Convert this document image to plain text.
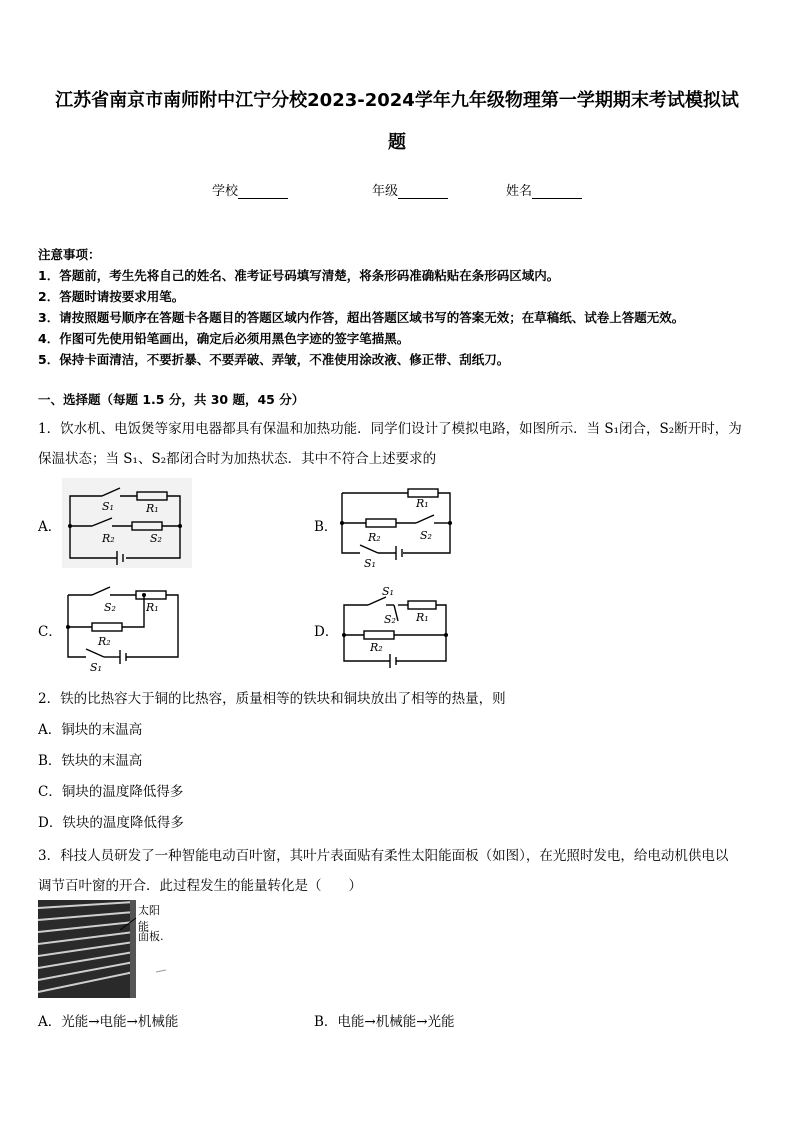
江苏省南京市南师附中江宁分校2023-2024学年九年级物理第一学期期末考试模拟试
题
学校	年级	姓名
注意事项：
1．答题前，考生先将自己的姓名、准考证号码填写清楚，将条形码准确粘贴在条形码区域内。
2．答题时请按要求用笔。
3．请按照题号顺序在答题卡各题目的答题区域内作答，超出答题区域书写的答案无效；在草稿纸、试卷上答题无效。
4．作图可先使用铅笔画出，确定后必须用黑色字迹的签字笔描黑。
5．保持卡面清洁，不要折暴、不要弄破、弄皱，不准使用涂改液、修正带、刮纸刀。
一、选择题（每题 1.5 分，共 30 题，45 分）
1．饮水机、电饭煲等家用电器都具有保温和加热功能．同学们设计了模拟电路，如图所示．当 S₁闭合，S₂断开时，为
保温状态；当 S₁、S₂都闭合时为加热状态．其中不符合上述要求的
A．
S₁	R₁
R₂	S₂
B．
R₁
R₂	S₂
S₁
C．
S₂	R₁
R₂
S₁
D．
S₁
S₂ R₁
R₂
2．铁的比热容大于铜的比热容，质量相等的铁块和铜块放出了相等的热量，则
A．铜块的末温高
B．铁块的末温高
C．铜块的温度降低得多
D．铁块的温度降低得多
3．科技人员研发了一种智能电动百叶窗，其叶片表面贴有柔性太阳能面板（如图），在光照时发电，给电动机供电以
调节百叶窗的开合．此过程发生的能量转化是（　　）
太阳能
面板.
A．光能→电能→机械能	B．电能→机械能→光能
